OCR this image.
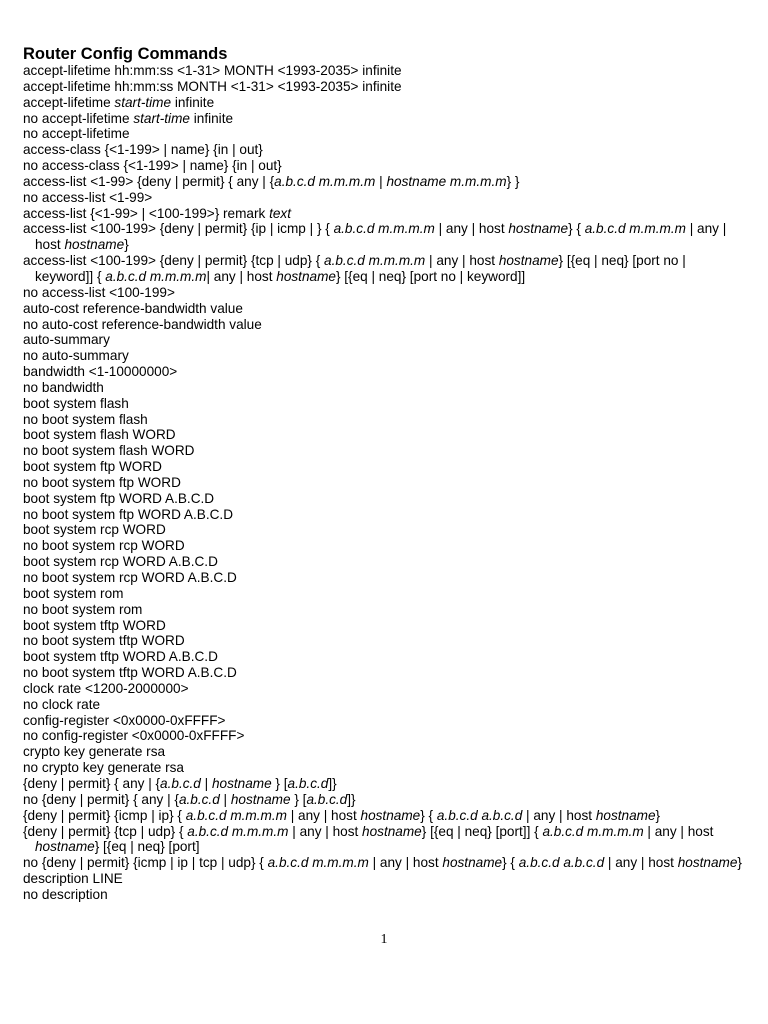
Router Config Commands
accept-lifetime hh:mm:ss <1-31> MONTH <1993-2035> infinite
accept-lifetime hh:mm:ss MONTH <1-31> <1993-2035> infinite
accept-lifetime start-time infinite
no accept-lifetime start-time infinite
no accept-lifetime
access-class {<1-199> | name} {in | out}
no access-class {<1-199> | name} {in | out}
access-list <1-99> {deny | permit} { any | {a.b.c.d m.m.m.m | hostname m.m.m.m} }
no access-list <1-99>
access-list {<1-99> | <100-199>} remark text
access-list <100-199> {deny | permit} {ip | icmp | } { a.b.c.d m.m.m.m | any | host hostname} { a.b.c.d m.m.m.m | any | host hostname}
access-list <100-199> {deny | permit} {tcp | udp} { a.b.c.d m.m.m.m | any | host hostname} [{eq | neq} [port no | keyword]] { a.b.c.d m.m.m.m| any | host hostname} [{eq | neq} [port no | keyword]]
no access-list <100-199>
auto-cost reference-bandwidth value
no auto-cost reference-bandwidth value
auto-summary
no auto-summary
bandwidth <1-10000000>
no bandwidth
boot system flash
no boot system flash
boot system flash WORD
no boot system flash WORD
boot system ftp WORD
no boot system ftp WORD
boot system ftp WORD A.B.C.D
no boot system ftp WORD A.B.C.D
boot system rcp WORD
no boot system rcp WORD
boot system rcp WORD A.B.C.D
no boot system rcp WORD A.B.C.D
boot system rom
no boot system rom
boot system tftp WORD
no boot system tftp WORD
boot system tftp WORD A.B.C.D
no boot system tftp WORD A.B.C.D
clock rate <1200-2000000>
no clock rate
config-register <0x0000-0xFFFF>
no config-register <0x0000-0xFFFF>
crypto key generate rsa
no crypto key generate rsa
{deny | permit} { any | {a.b.c.d | hostname } [a.b.c.d]}
no {deny | permit} { any | {a.b.c.d | hostname } [a.b.c.d]}
{deny | permit} {icmp | ip} { a.b.c.d m.m.m.m | any | host hostname} { a.b.c.d a.b.c.d | any | host hostname}
{deny | permit} {tcp | udp} { a.b.c.d m.m.m.m | any | host hostname} [{eq | neq} [port]] { a.b.c.d m.m.m.m | any | host hostname} [{eq | neq} [port]
no {deny | permit} {icmp | ip | tcp | udp} { a.b.c.d m.m.m.m | any | host hostname} { a.b.c.d a.b.c.d | any | host hostname}
description LINE
no description
1
